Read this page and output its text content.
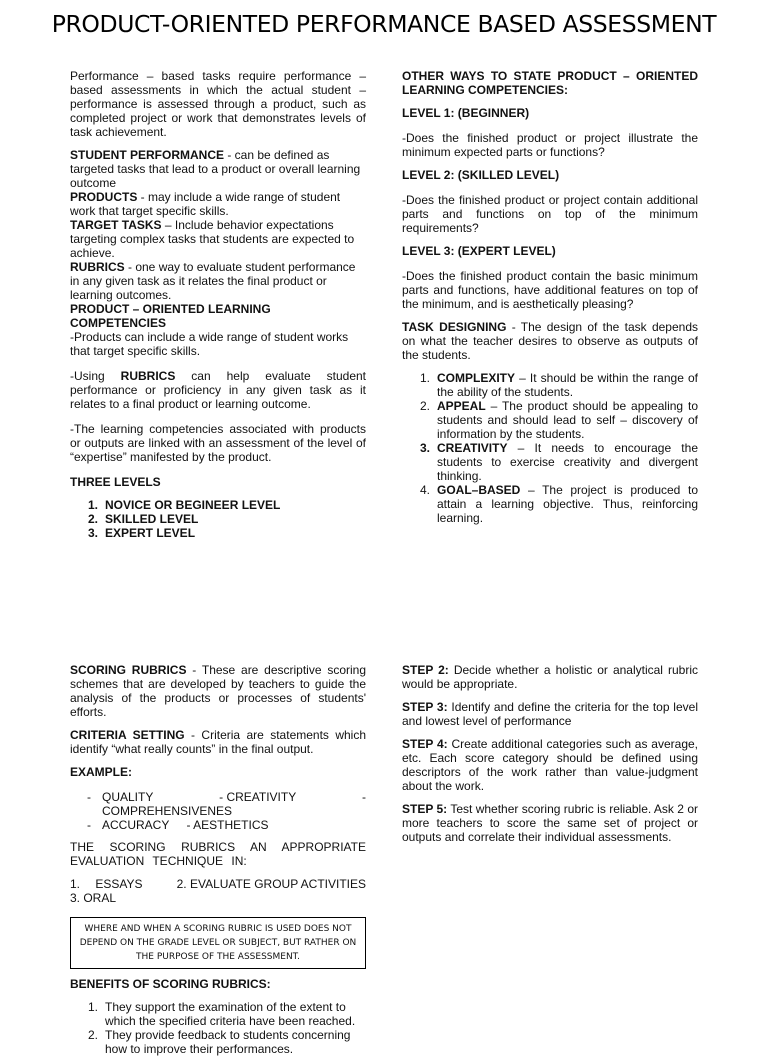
PRODUCT-ORIENTED PERFORMANCE BASED ASSESSMENT

Performance – based tasks require performance – based assessments in which the actual student – performance is assessed through a product, such as completed project or work that demonstrates levels of task achievement.

STUDENT PERFORMANCE - can be defined as targeted tasks that lead to a product or overall learning outcome

PRODUCTS - may include a wide range of student work that target specific skills.

TARGET TASKS – Include behavior expectations targeting complex tasks that students are expected to achieve.

RUBRICS - one way to evaluate student performance in any given task as it relates the final product or learning outcomes.

PRODUCT – ORIENTED LEARNING COMPETENCIES

-Products can include a wide range of student works that target specific skills.

-Using RUBRICS can help evaluate student performance or proficiency in any given task as it relates to a final product or learning outcome.

-The learning competencies associated with products or outputs are linked with an assessment of the level of “expertise” manifested by the product.

THREE LEVELS

1. NOVICE OR BEGINEER LEVEL
2. SKILLED LEVEL
3. EXPERT LEVEL

OTHER WAYS TO STATE PRODUCT – ORIENTED LEARNING COMPETENCIES:

LEVEL 1: (BEGINNER)

-Does the finished product or project illustrate the minimum expected parts or functions?

LEVEL 2: (SKILLED LEVEL)

-Does the finished product or project contain additional parts and functions on top of the minimum requirements?

LEVEL 3: (EXPERT LEVEL)

-Does the finished product contain the basic minimum parts and functions, have additional features on top of the minimum, and is aesthetically pleasing?

TASK DESIGNING - The design of the task depends on what the teacher desires to observe as outputs of the students.

1. COMPLEXITY – It should be within the range of the ability of the students.
2. APPEAL – The product should be appealing to students and should lead to self – discovery of information by the students.
3. CREATIVITY – It needs to encourage the students to exercise creativity and divergent thinking.
4. GOAL–BASED – The project is produced to attain a learning objective. Thus, reinforcing learning.

SCORING RUBRICS - These are descriptive scoring schemes that are developed by teachers to guide the analysis of the products or processes of students' efforts.

CRITERIA SETTING - Criteria are statements which identify “what really counts” in the final output.

EXAMPLE:

- QUALITY	- CREATIVITY	-
COMPREHENSIVENES
- ACCURACY - AESTHETICS

THE SCORING RUBRICS AN APPROPRIATE EVALUATION TECHNIQUE IN:

1. ESSAYS	2. EVALUATE GROUP ACTIVITIES

3. ORAL

WHERE AND WHEN A SCORING RUBRIC IS USED DOES NOT DEPEND ON THE GRADE LEVEL OR SUBJECT, BUT RATHER ON THE PURPOSE OF THE ASSESSMENT.

BENEFITS OF SCORING RUBRICS:

1. They support the examination of the extent to which the specified criteria have been reached.
2. They provide feedback to students concerning how to improve their performances.

STEP 2: Decide whether a holistic or analytical rubric would be appropriate.

STEP 3: Identify and define the criteria for the top level and lowest level of performance

STEP 4: Create additional categories such as average, etc. Each score category should be defined using descriptors of the work rather than value-judgment about the work.

STEP 5: Test whether scoring rubric is reliable. Ask 2 or more teachers to score the same set of project or outputs and correlate their individual assessments.
